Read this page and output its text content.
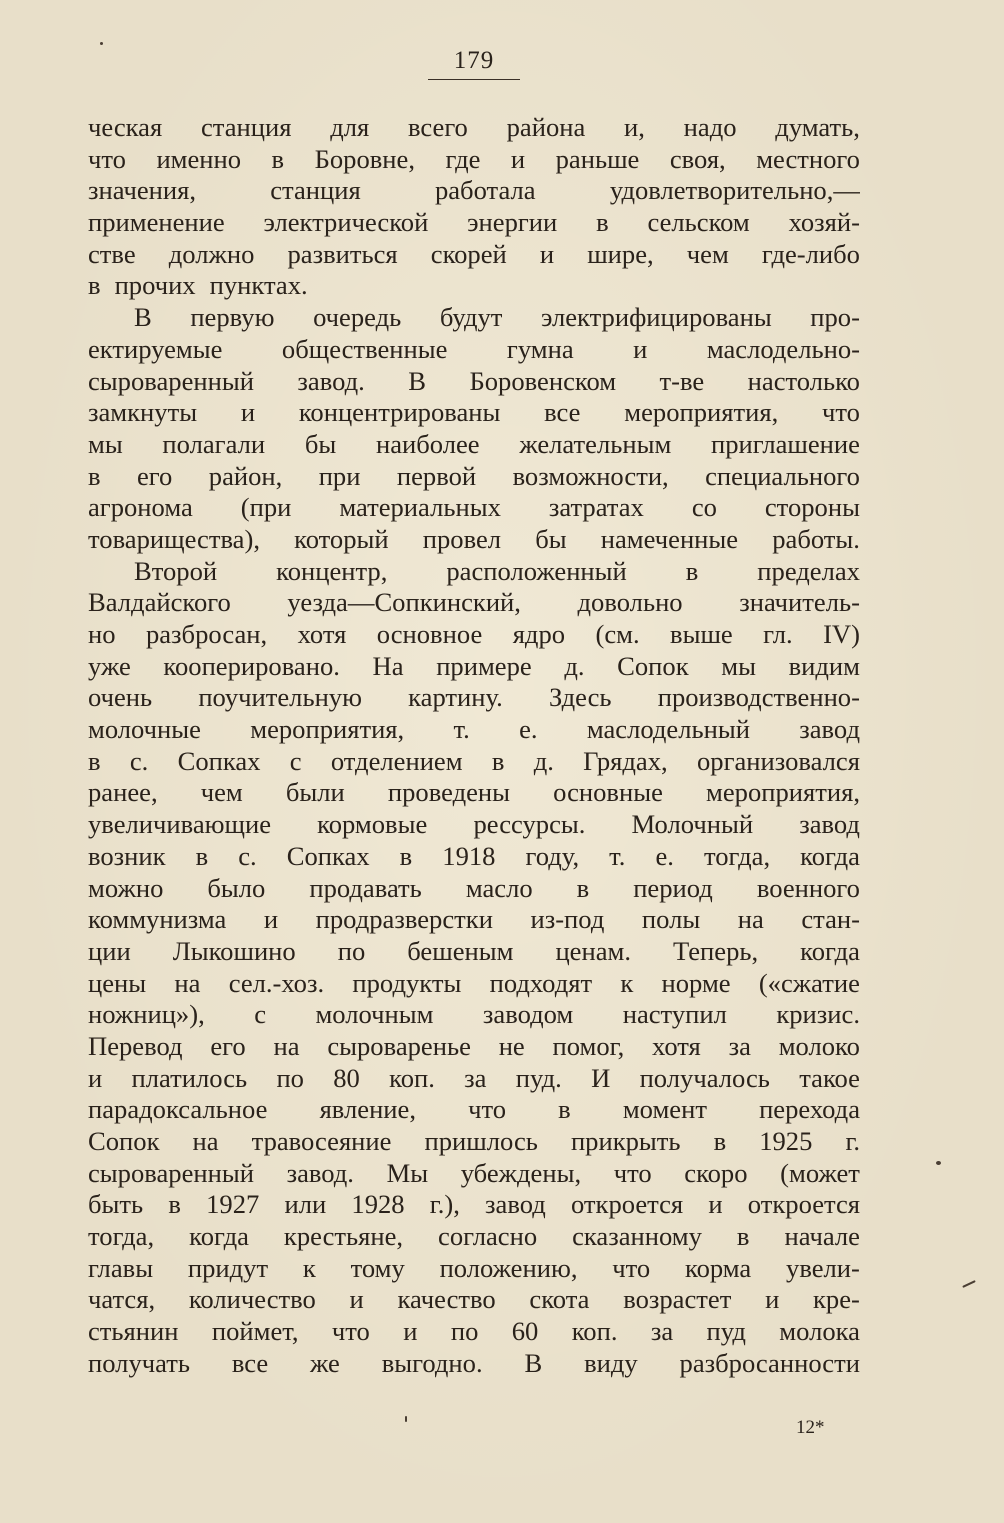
179
ческая станция для всего района и, надо думать,
что именно в Боровне, где и раньше своя, местного
значения,	станция	работала	удовлетворительно,—
применение электрической энергии в сельском хозяй-
стве должно развиться скорей и шире, чем где-либо
в прочих пунктах.
В первую очередь будут электрифицированы про-
ектируемые общественные гумна и маслодельно-
сыроваренный завод. В Боровенском т-ве настолько
замкнуты и концентрированы все мероприятия, что
мы полагали бы наиболее желательным приглашение
в его район, при первой возможности, специального
агронома (при материальных затратах со стороны
товарищества), который провел бы намеченные работы.
Второй концентр, расположенный в пределах
Валдайского уезда—Сопкинский, довольно значитель-
но разбросан, хотя основное ядро (см. выше гл. IV)
уже кооперировано. На примере д. Сопок мы видим
очень поучительную картину. Здесь производственно-
молочные мероприятия, т. е. маслодельный завод
в с. Сопках с отделением в д. Грядах, организовался
ранее, чем были проведены основные мероприятия,
увеличивающие кормовые рессурсы. Молочный завод
возник в с. Сопках в 1918 году, т. е. тогда, когда
можно было продавать масло в период военного
коммунизма и продразверстки из-под полы на стан-
ции Лыкошино по бешеным ценам. Теперь, когда
цены на сел.-хоз. продукты подходят к норме («сжатие
ножниц»), с молочным заводом наступил кризис.
Перевод его на сыроваренье не помог, хотя за молоко
и платилось по 80 коп. за пуд. И получалось такое
парадоксальное явление, что в момент перехода
Сопок на травосеяние пришлось прикрыть в 1925 г.
сыроваренный завод. Мы убеждены, что скоро (может
быть в 1927 или 1928 г.), завод откроется и откроется
тогда, когда крестьяне, согласно сказанному в начале
главы придут к тому положению, что корма увели-
чатся, количество и качество скота возрастет и кре-
стьянин поймет, что и по 60 коп. за пуд молока
получать все же выгодно. В виду разбросанности
12*
